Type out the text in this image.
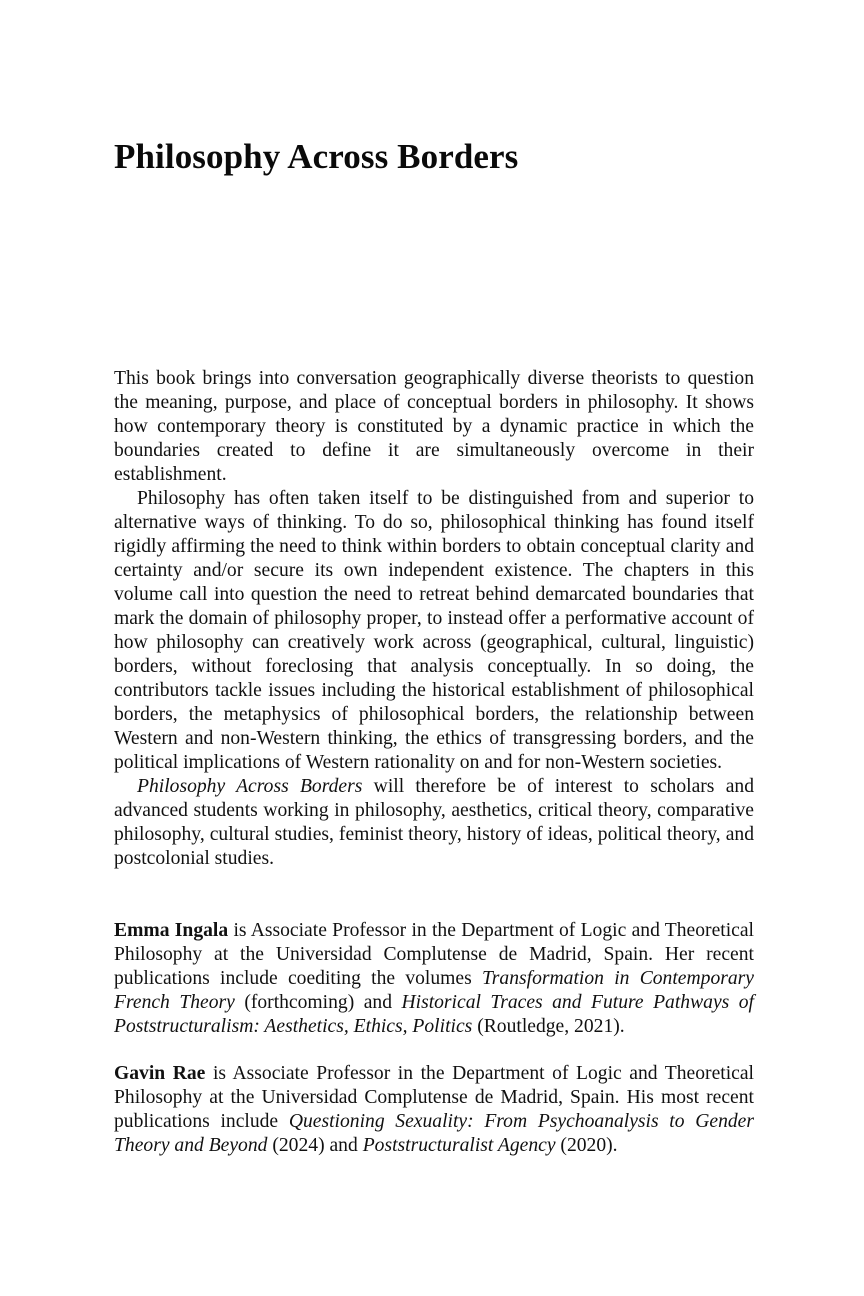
Philosophy Across Borders

This book brings into conversation geographically diverse theorists to question the meaning, purpose, and place of conceptual borders in philosophy. It shows how contemporary theory is constituted by a dynamic practice in which the boundaries created to define it are simultaneously overcome in their establishment.

Philosophy has often taken itself to be distinguished from and superior to alternative ways of thinking. To do so, philosophical thinking has found itself rigidly affirming the need to think within borders to obtain conceptual clarity and certainty and/or secure its own independent existence. The chapters in this volume call into question the need to retreat behind demarcated boundaries that mark the domain of philosophy proper, to instead offer a performative account of how philosophy can creatively work across (geographical, cultural, linguistic) borders, without foreclosing that analysis conceptually. In so doing, the contributors tackle issues including the historical establishment of philosophical borders, the metaphysics of philosophical borders, the relationship between Western and non-Western thinking, the ethics of transgressing borders, and the political implications of Western rationality on and for non-Western societies.

Philosophy Across Borders will therefore be of interest to scholars and advanced students working in philosophy, aesthetics, critical theory, comparative philosophy, cultural studies, feminist theory, history of ideas, political theory, and postcolonial studies.

Emma Ingala is Associate Professor in the Department of Logic and Theoretical Philosophy at the Universidad Complutense de Madrid, Spain. Her recent publications include coediting the volumes Transformation in Contemporary French Theory (forthcoming) and Historical Traces and Future Pathways of Poststructuralism: Aesthetics, Ethics, Politics (Routledge, 2021).

Gavin Rae is Associate Professor in the Department of Logic and Theoretical Philosophy at the Universidad Complutense de Madrid, Spain. His most recent publications include Questioning Sexuality: From Psychoanalysis to Gender Theory and Beyond (2024) and Poststructuralist Agency (2020).
